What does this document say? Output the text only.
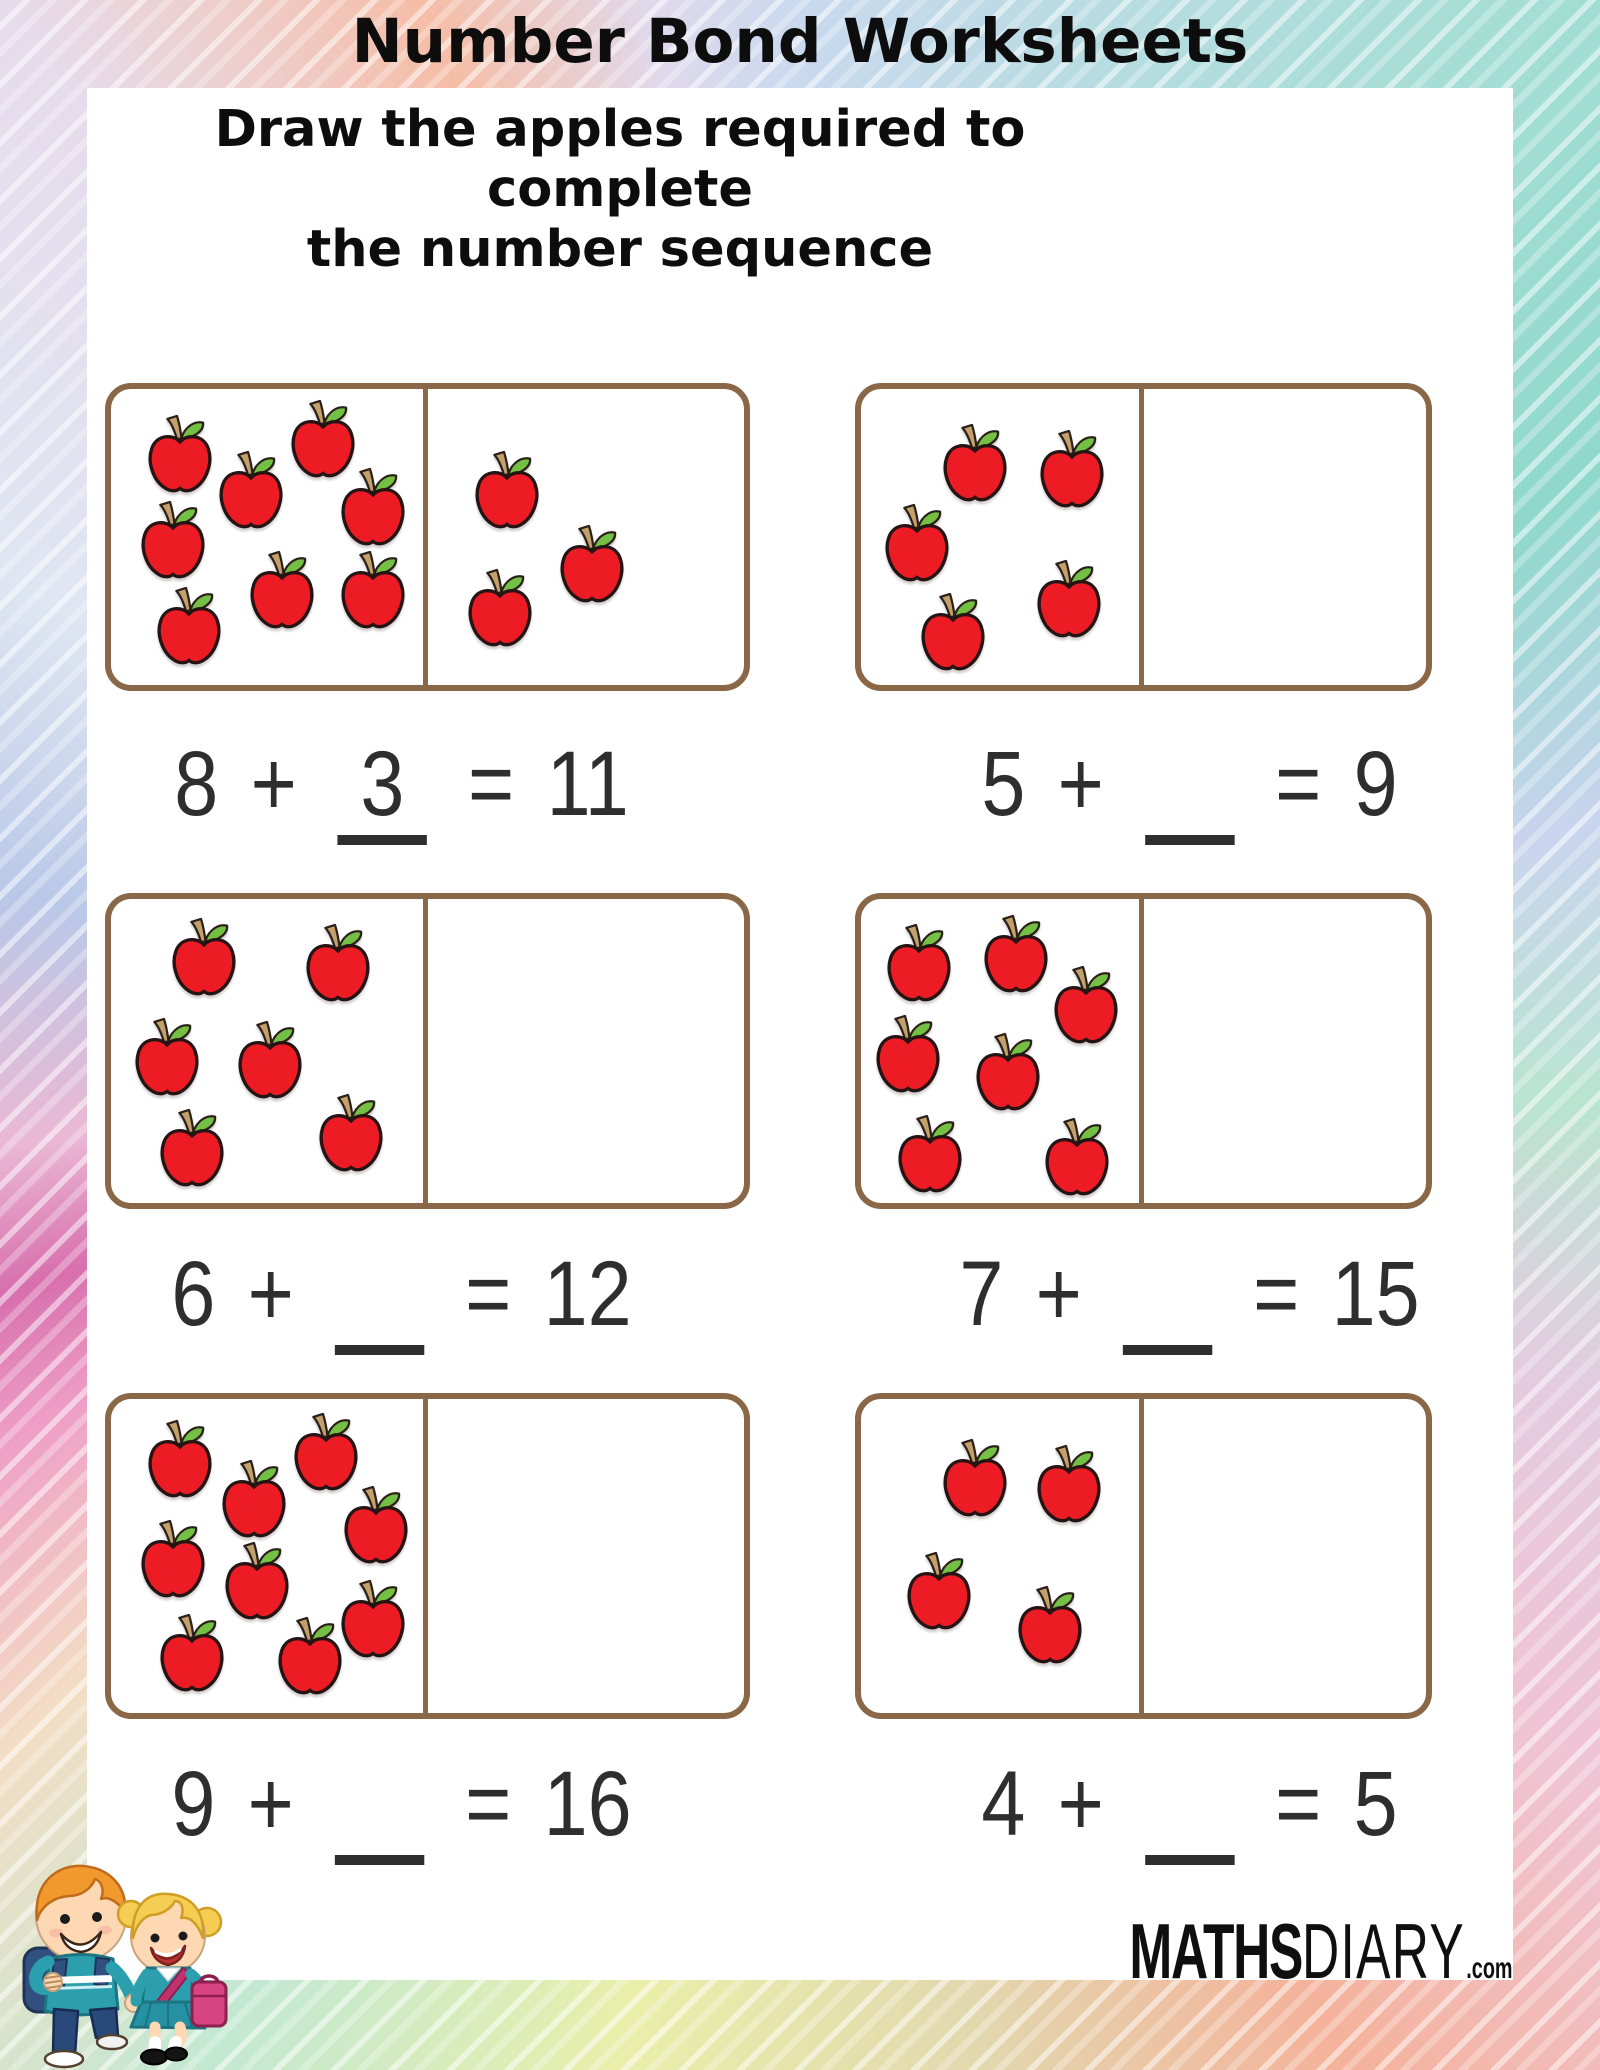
Number Bond Worksheets
Draw the apples required to complete
the number sequence
8 + 3 = 11	5 + = 9
6 + = 12	7 + = 15
9 + = 16	4 + = 5
MATHSDIARY.com
